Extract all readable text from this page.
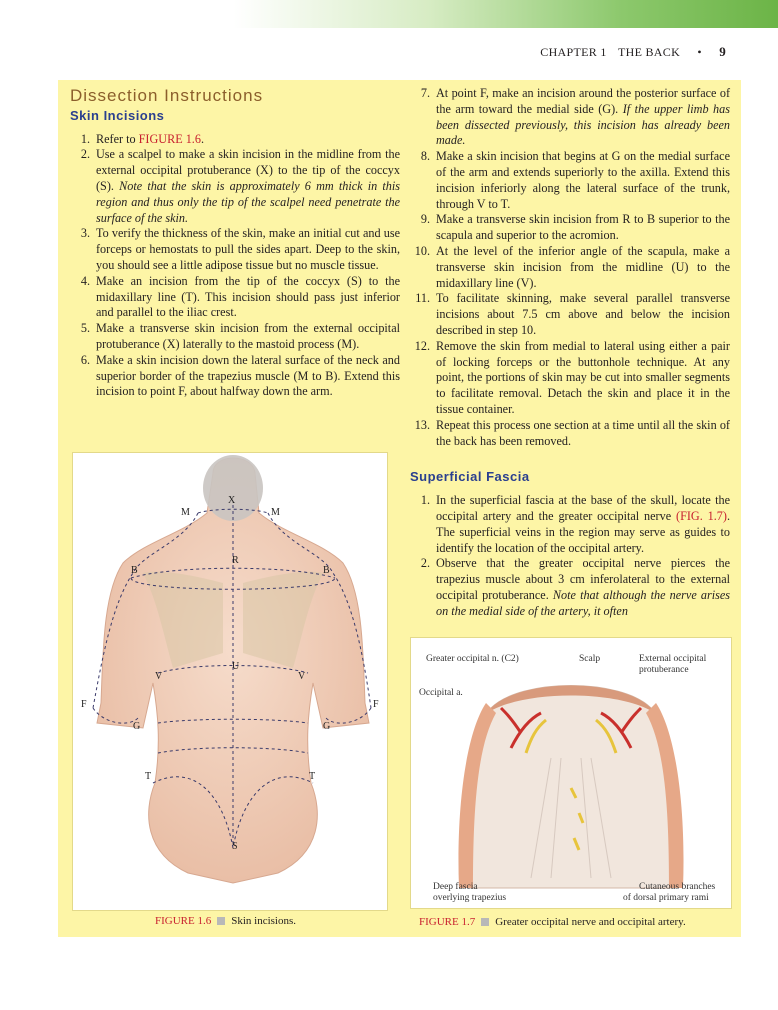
CHAPTER 1 THE BACK • 9
Dissection Instructions
Skin Incisions
1. Refer to FIGURE 1.6.
2. Use a scalpel to make a skin incision in the midline from the external occipital protuberance (X) to the tip of the coccyx (S). Note that the skin is approximately 6 mm thick in this region and thus only the tip of the scalpel need penetrate the surface of the skin.
3. To verify the thickness of the skin, make an initial cut and use forceps or hemostats to pull the sides apart. Deep to the skin, you should see a little adipose tissue but no muscle tissue.
4. Make an incision from the tip of the coccyx (S) to the midaxillary line (T). This incision should pass just inferior and parallel to the iliac crest.
5. Make a transverse skin incision from the external occipital protuberance (X) laterally to the mastoid process (M).
6. Make a skin incision down the lateral surface of the neck and superior border of the trapezius muscle (M to B). Extend this incision to point F, about halfway down the arm.
7. At point F, make an incision around the posterior surface of the arm toward the medial side (G). If the upper limb has been dissected previously, this incision has already been made.
8. Make a skin incision that begins at G on the medial surface of the arm and extends superiorly to the axilla. Extend this incision inferiorly along the lateral surface of the trunk, through V to T.
9. Make a transverse skin incision from R to B superior to the scapula and superior to the acromion.
10. At the level of the inferior angle of the scapula, make a transverse skin incision from the midline (U) to the midaxillary line (V).
11. To facilitate skinning, make several parallel transverse incisions about 7.5 cm above and below the incision described in step 10.
12. Remove the skin from medial to lateral using either a pair of locking forceps or the buttonhole technique. At any point, the portions of skin may be cut into smaller segments to facilitate removal. Detach the skin and place it in the tissue container.
13. Repeat this process one section at a time until all the skin of the back has been removed.
Superficial Fascia
1. In the superficial fascia at the base of the skull, locate the occipital artery and the greater occipital nerve (FIG. 1.7). The superficial veins in the region may serve as guides to identify the location of the occipital artery.
2. Observe that the greater occipital nerve pierces the trapezius muscle about 3 cm inferolateral to the external occipital protuberance. Note that although the nerve arises on the medial side of the artery, it often
X
M	M
R
B	B
U
V	V
F	F
G	G
T	T
S
FIGURE 1.6 Skin incisions.
Greater occipital n. (C2)	Scalp	External occipital
protuberance
Occipital a.
Deep fascia
overlying trapezius
Cutaneous branches
of dorsal primary rami
FIGURE 1.7 Greater occipital nerve and occipital artery.
